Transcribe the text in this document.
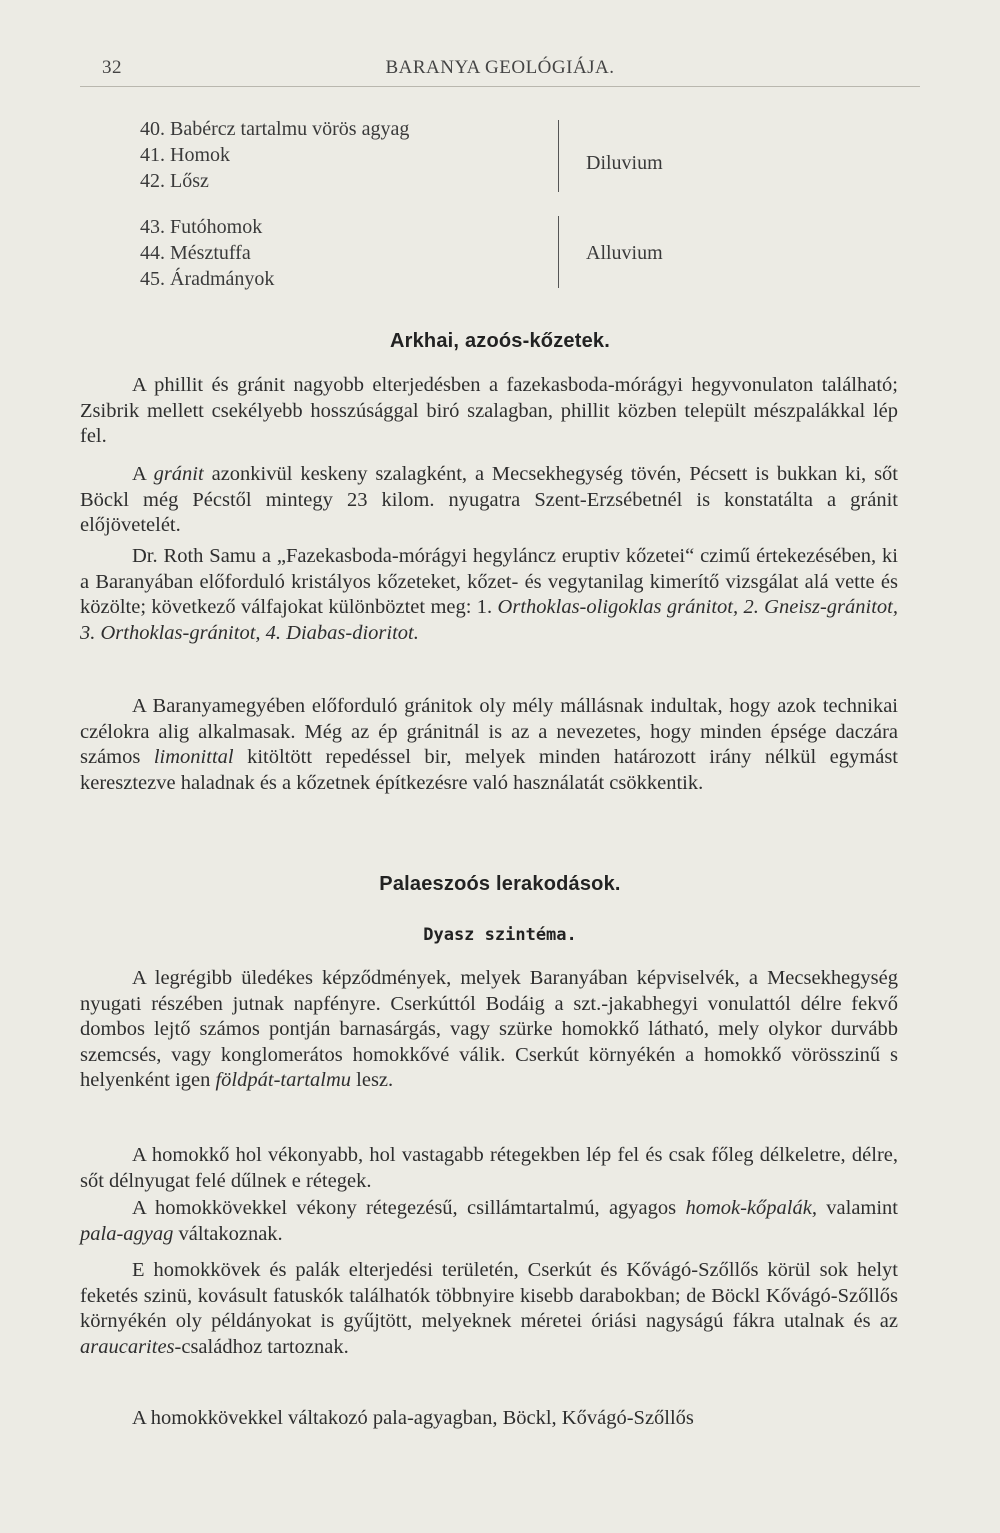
32	BARANYA GEOLÓGIÁJA.
40. Babércz tartalmu vörös agyag
41. Homok
42. Lősz
43. Futóhomok
44. Mésztuffa
45. Áradmányok
Diluvium
Alluvium
Arkhai, azoós-kőzetek.

A phillit és gránit nagyobb elterjedésben a fazekasboda-mórágyi hegyvonulaton található; Zsibrik mellett csekélyebb hosszúsággal biró szalagban, phillit közben települt mészpalákkal lép fel.

A gránit azonkivül keskeny szalagként, a Mecsekhegység tövén, Pécsett is bukkan ki, sőt Böckl még Pécstől mintegy 23 kilom. nyugatra Szent-Erzsébetnél is konstatálta a gránit előjövetelét.

Dr. Roth Samu a „Fazekasboda-mórágyi hegyláncz eruptiv kőzetei“ czimű értekezésében, ki a Baranyában előforduló kristályos kőzeteket, kőzet- és vegytanilag kimerítő vizsgálat alá vette és közölte; következő válfajokat különböztet meg: 1. Orthoklas-oligoklas gránitot, 2. Gneisz-gránitot, 3. Orthoklas-gránitot, 4. Diabas-dioritot.

A Baranyamegyében előforduló gránitok oly mély mállásnak indultak, hogy azok technikai czélokra alig alkalmasak. Még az ép gránitnál is az a nevezetes, hogy minden épsége daczára számos limonittal kitöltött repedéssel bir, melyek minden határozott irány nélkül egymást keresztezve haladnak és a kőzetnek építkezésre való használatát csökkentik.

Palaeszoós lerakodások.
Dyasz szintéma.

A legrégibb üledékes képződmények, melyek Baranyában képviselvék, a Mecsekhegység nyugati részében jutnak napfényre. Cserkúttól Bodáig a szt.-jakabhegyi vonulattól délre fekvő dombos lejtő számos pontján barnasárgás, vagy szürke homokkő látható, mely olykor durvább szemcsés, vagy konglomerátos homokkővé válik. Cserkút környékén a homokkő vörösszinű s helyenként igen földpát-tartalmu lesz.

A homokkő hol vékonyabb, hol vastagabb rétegekben lép fel és csak főleg délkeletre, délre, sőt délnyugat felé dűlnek e rétegek.

A homokkövekkel vékony rétegezésű, csillámtartalmú, agyagos homok-kőpalák, valamint pala-agyag váltakoznak.

E homokkövek és palák elterjedési területén, Cserkút és Kővágó-Szőllős körül sok helyt feketés szinü, kovásult fatuskók találhatók többnyire kisebb darabokban; de Böckl Kővágó-Szőllős környékén oly példányokat is gyűjtött, melyeknek méretei óriási nagyságú fákra utalnak és az araucarites-családhoz tartoznak.

A homokkövekkel váltakozó pala-agyagban, Böckl, Kővágó-Szőllős
